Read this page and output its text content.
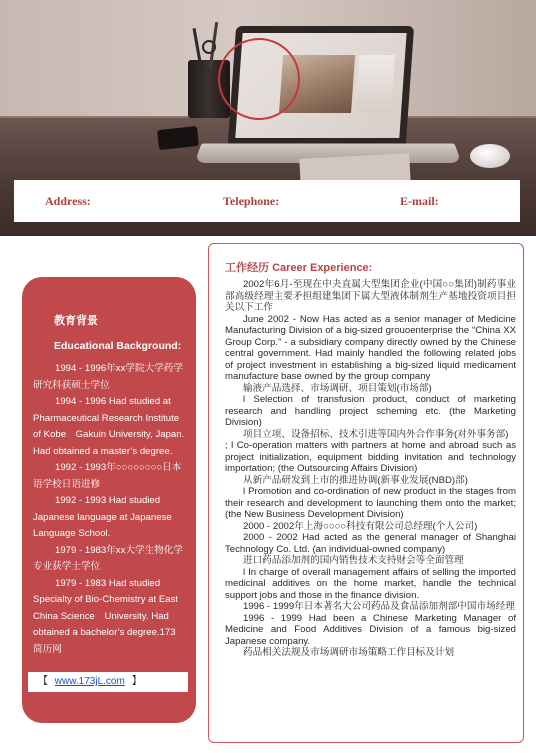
Address:	Telephone:	E-mail:
工作经历 Career Experience:

2002年6月-至现在中夬直属大型集团企业(中国○○集团)制药事业部高级经理主要矛担组建集团下属大型液体制剂生产基地投资项目担关以下工作

June 2002 - Now Has acted as a senior manager of Medicine Manufacturing Division of a big-sized grouoenterprise the “China XX Group Corp.” - a subsidiary company directly owned by the Chinese central government. Had mainly handled the following related jobs of project investment in establishing a big-sized liquid medicament manufacture base owned by the group company

输液产品选择、市场调研、项目策划(市场部)

l Selection of transfusion product, conduct of marketing research and handling project scheming etc. (the Marketing Division)

项目立项、设备招标、技术引进等国内外合作事务(对外事务部)

; l Co-operation matters with partners at home and abroad such as project initialization, equipment bidding invitation and technology importation; (the Outsourcing Affairs Division)

从新产品研发到上市的推进协调(新事业发展(NBD)部)

l Promotion and co-ordination of new product in the stages from their research and development to launching them onto the market; (the New Business Development Division)

2000 - 2002年上海○○○○科技有限公司总经理(个人公司)

2000 - 2002 Had acted as the general manager of Shanghai Technology Co. Ltd. (an individual-owned company)

进口药品添加剂的国内销售技术支持财会等全面管理

l In charge of overall management affairs of selling the imported medicinal additives on the home market, handle the technical support jobs and those in the finance division.

1996 - 1999年日本著名大公司药品及食品添加剂部中国市场经理

1996 - 1999 Had been a Chinese Marketing Manager of Medicine and Food Additives Division of a famous big-sized Japanese company.

药品相关法规及市场调研市场策略工作目标及计划

教育背景
Educational Background:

1994 - 1996年xx学院大学药学研究科获硕士学位

1994 - 1996 Had studied at Pharmaceutical Research Institute of Kobe　Gakuin University, Japan. Had obtained a master’s degree.

1992 - 1993年○○○○○○○○日本语学校日语进修

1992 - 1993 Had studied Japanese language at Japanese Language School.

1979 - 1983年xx大学生物化学专业获学士学位

1979 - 1983 Had studied Specialty of Bio-Chemistry at East China Science　University. Had obtained a bachelor’s degree.173简历网

【 www.173jL.com 】
